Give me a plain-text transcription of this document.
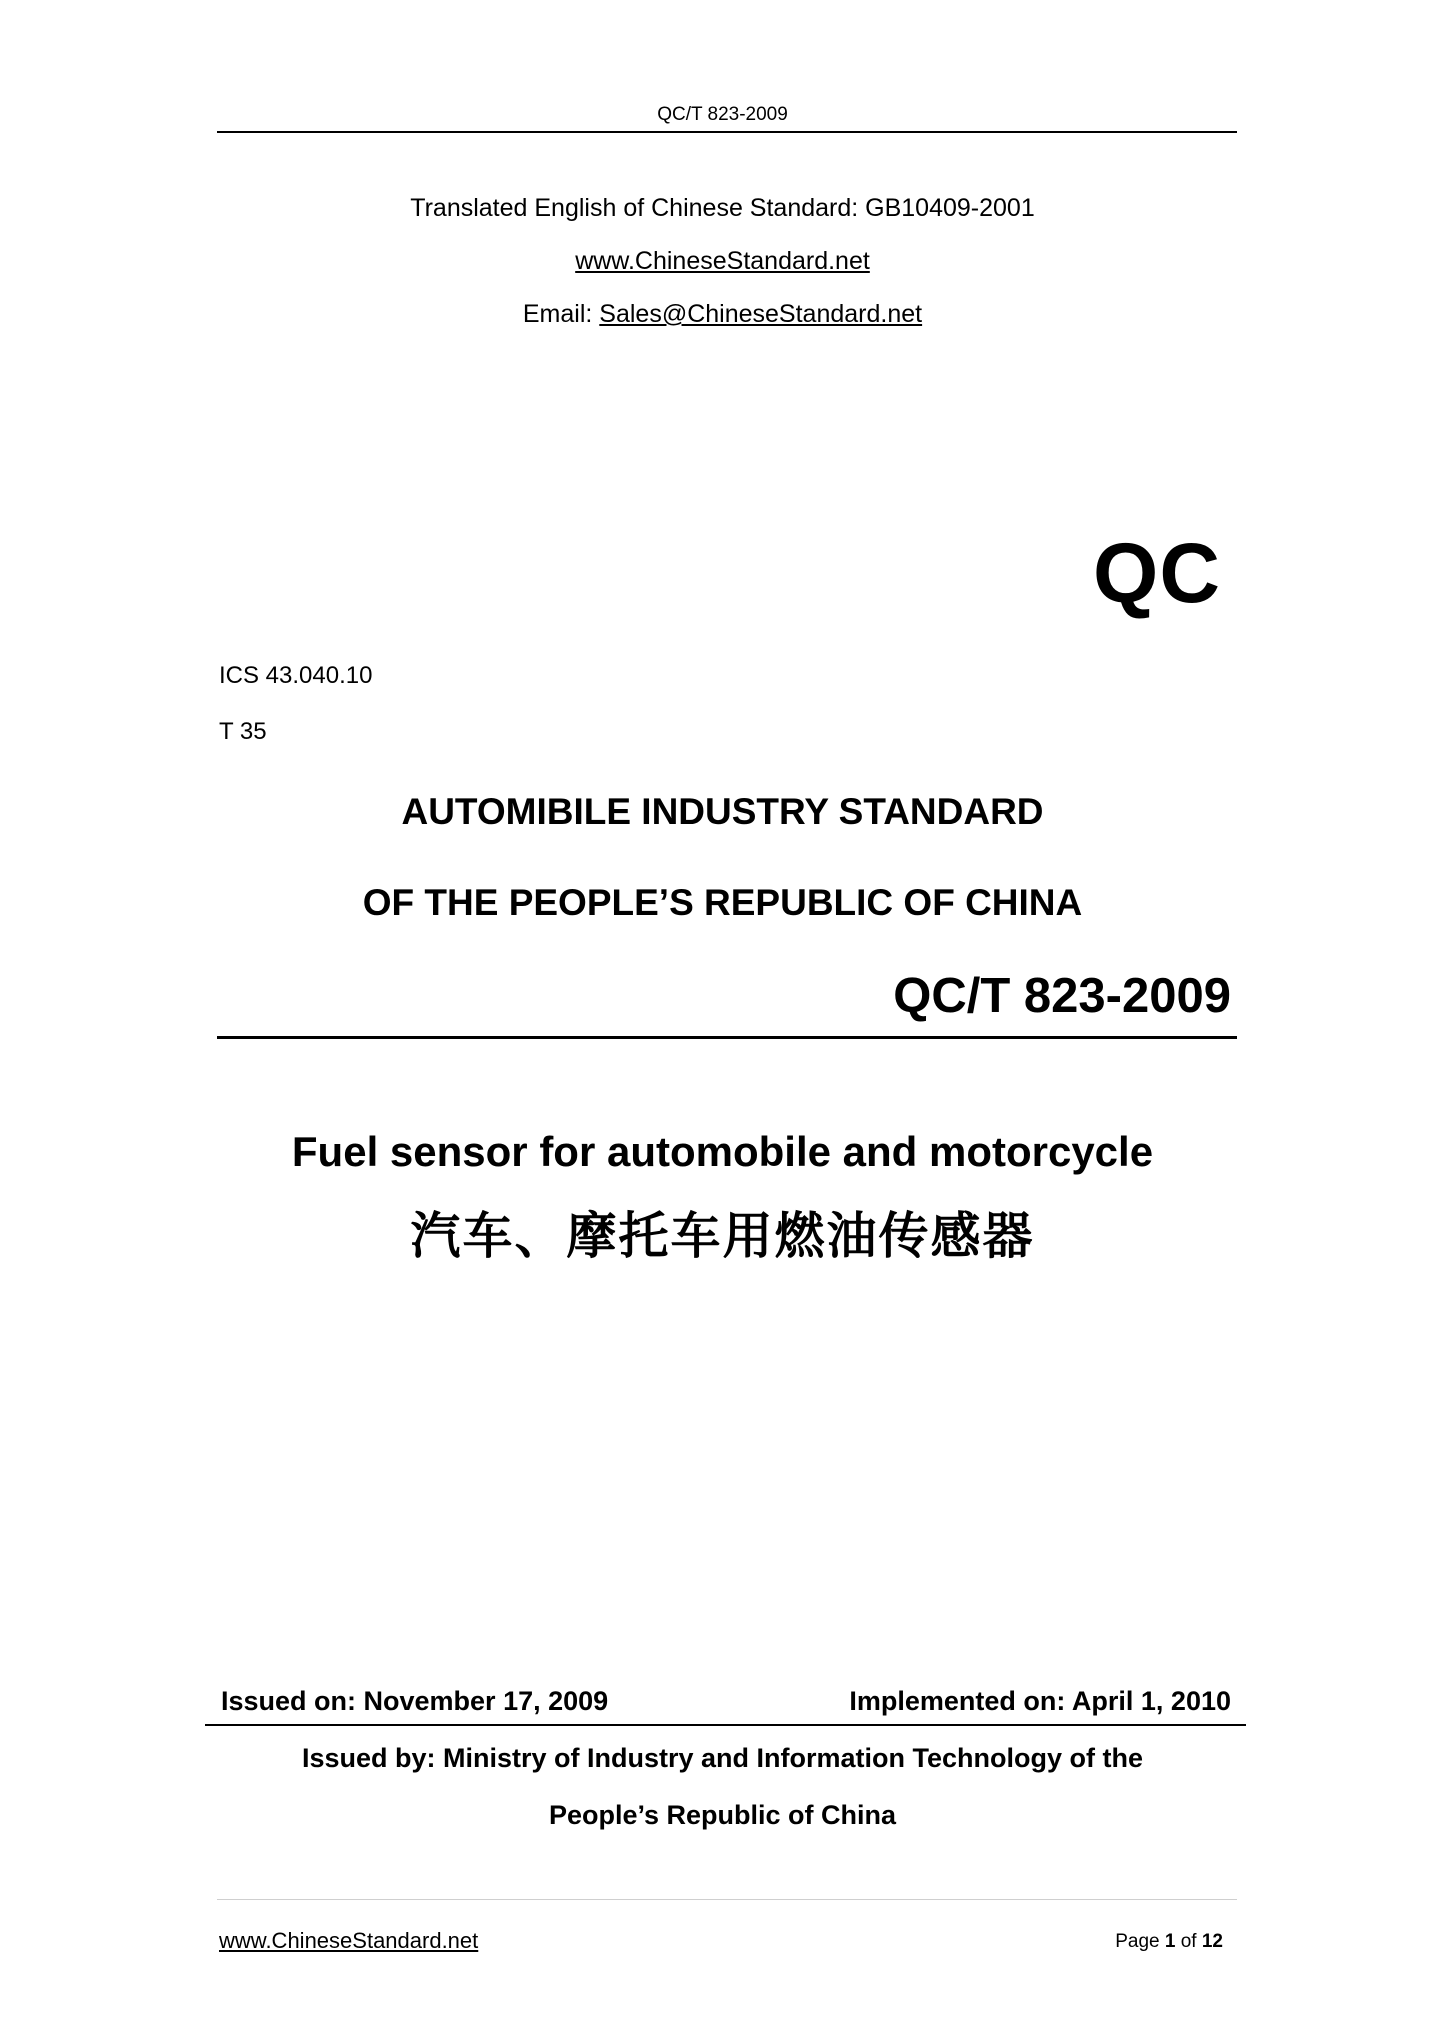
QC/T 823-2009
Translated English of Chinese Standard: GB10409-2001
www.ChineseStandard.net
Email: Sales@ChineseStandard.net
QC
ICS 43.040.10
T 35
AUTOMIBILE INDUSTRY STANDARD
OF THE PEOPLE’S REPUBLIC OF CHINA
QC/T 823-2009
Fuel sensor for automobile and motorcycle
汽车、摩托车用燃油传感器
Issued on: November 17, 2009	Implemented on: April 1, 2010
Issued by: Ministry of Industry and Information Technology of the
People’s Republic of China
www.ChineseStandard.net	Page 1 of 12
